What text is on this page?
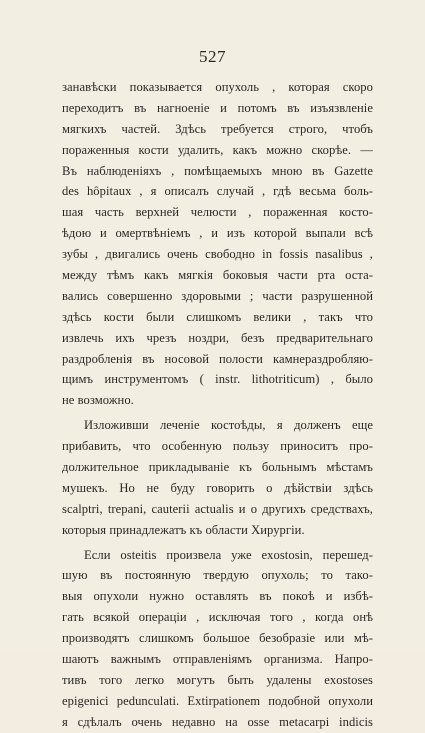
527
занавѣски показывается опухоль , которая скоро
переходитъ въ нагноеніе и потомъ въ изъязвленіе
мягкихъ частей. Здѣсь требуется строго, чтобъ
пораженныя кости удалить, какъ можно скорѣе. —
Въ наблюденіяхъ , помѣщаемыхъ мною въ Gazette
des hôpitaux , я описалъ случай , гдѣ весьма боль-
шая часть верхней челюсти , пораженная косто-
ѣдою и омертвѣніемъ , и изъ которой выпали всѣ
зубы , двигались очень свободно in fossis nasalibus ,
между тѣмъ какъ мягкія боковыя части рта оста-
вались совершенно здоровыми ; части разрушенной
здѣсь кости были слишкомъ велики , такъ что
извлечь ихъ чрезъ ноздри, безъ предварительнаго
раздробленія въ носовой полости камнераздробляю-
щимъ инструментомъ ( instr. lithotriticum) , было
не возможно.
Изложивши леченіе костоѣды, я долженъ еще
прибавить, что особенную пользу приноситъ про-
должительное прикладываніе къ больнымъ мѣстамъ
мушекъ. Но не буду говорить о дѣйствіи здѣсь
scalptri, trepani, cauterii actualis и о другихъ средствахъ,
которыя принадлежатъ къ области Хирургіи.
Если osteitis произвела уже exostosin, перешед-
шую въ постоянную твердую опухоль; то тако-
выя опухоли нужно оставлять въ покоѣ и избѣ-
гать всякой операціи , исключая того , когда онѣ
производятъ слишкомъ большое безобразіе или мѣ-
шаютъ важнымъ отправленіямъ организма. Напро-
тивъ того легко могутъ быть удалены exostoses
epigenici pedunculati. Extirpationem подобной опухоли
я сдѣлалъ очень недавно на osse metacarpi indicis
